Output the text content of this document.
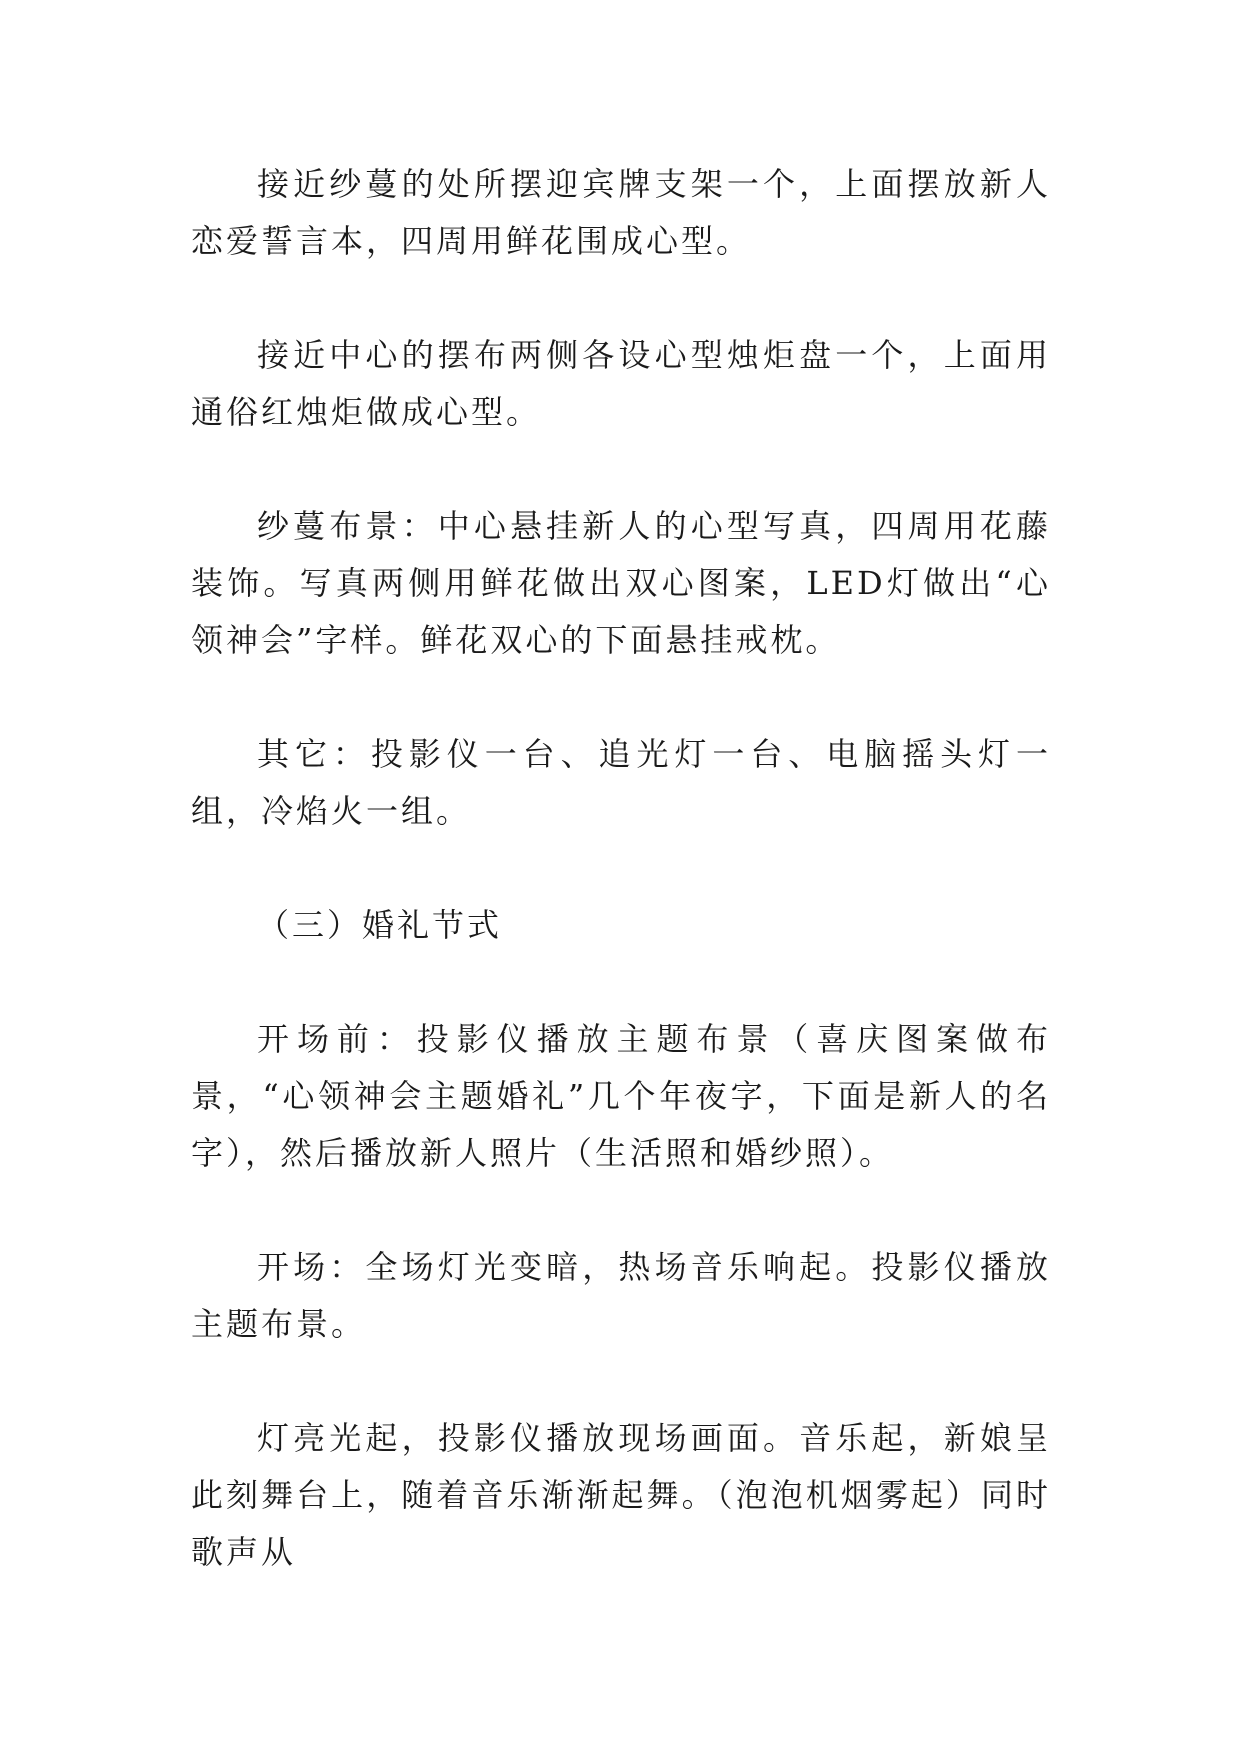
接近纱蔓的处所摆迎宾牌支架一个，上面摆放新人恋爱誓言本，四周用鲜花围成心型。

接近中心的摆布两侧各设心型烛炬盘一个，上面用通俗红烛炬做成心型。

纱蔓布景：中心悬挂新人的心型写真，四周用花藤装饰。写真两侧用鲜花做出双心图案，LED灯做出“心领神会”字样。鲜花双心的下面悬挂戒枕。

其它：投影仪一台、追光灯一台、电脑摇头灯一组，冷焰火一组。

（三）婚礼节式

开场前：投影仪播放主题布景（喜庆图案做布景，“心领神会主题婚礼”几个年夜字，下面是新人的名字），然后播放新人照片（生活照和婚纱照）。

开场：全场灯光变暗，热场音乐响起。投影仪播放主题布景。

灯亮光起，投影仪播放现场画面。音乐起，新娘呈此刻舞台上，随着音乐渐渐起舞。（泡泡机烟雾起）同时歌声从
